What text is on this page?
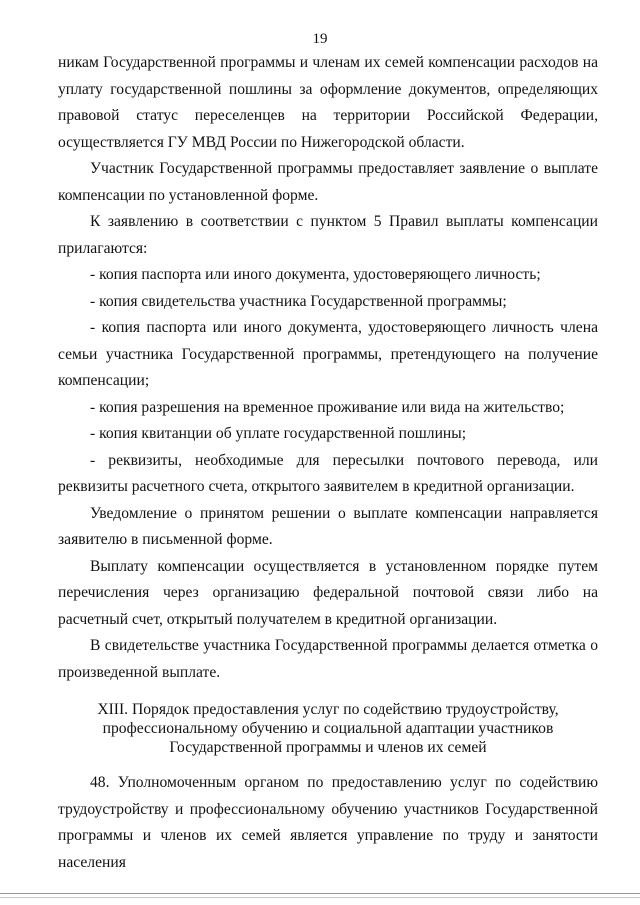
19

никам Государственной программы и членам их семей компенсации расходов на уплату государственной пошлины за оформление документов, определяющих правовой статус переселенцев на территории Российской Федерации, осуществляется ГУ МВД России по Нижегородской области.

Участник Государственной программы предоставляет заявление о выплате компенсации по установленной форме.

К заявлению в соответствии с пунктом 5 Правил выплаты компенсации прилагаются:

- копия паспорта или иного документа, удостоверяющего личность;

- копия свидетельства участника Государственной программы;

- копия паспорта или иного документа, удостоверяющего личность члена семьи участника Государственной программы, претендующего на получение компенсации;

- копия разрешения на временное проживание или вида на жительство;

- копия квитанции об уплате государственной пошлины;

- реквизиты, необходимые для пересылки почтового перевода, или реквизиты расчетного счета, открытого заявителем в кредитной организации.

Уведомление о принятом решении о выплате компенсации направляется заявителю в письменной форме.

Выплату компенсации осуществляется в установленном порядке путем перечисления через организацию федеральной почтовой связи либо на расчетный счет, открытый получателем в кредитной организации.

В свидетельстве участника Государственной программы делается отметка о произведенной выплате.

XIII. Порядок предоставления услуг по содействию трудоустройству, профессиональному обучению и социальной адаптации участников Государственной программы и членов их семей

48. Уполномоченным органом по предоставлению услуг по содействию трудоустройству и профессиональному обучению участников Государственной программы и членов их семей является управление по труду и занятости населения
